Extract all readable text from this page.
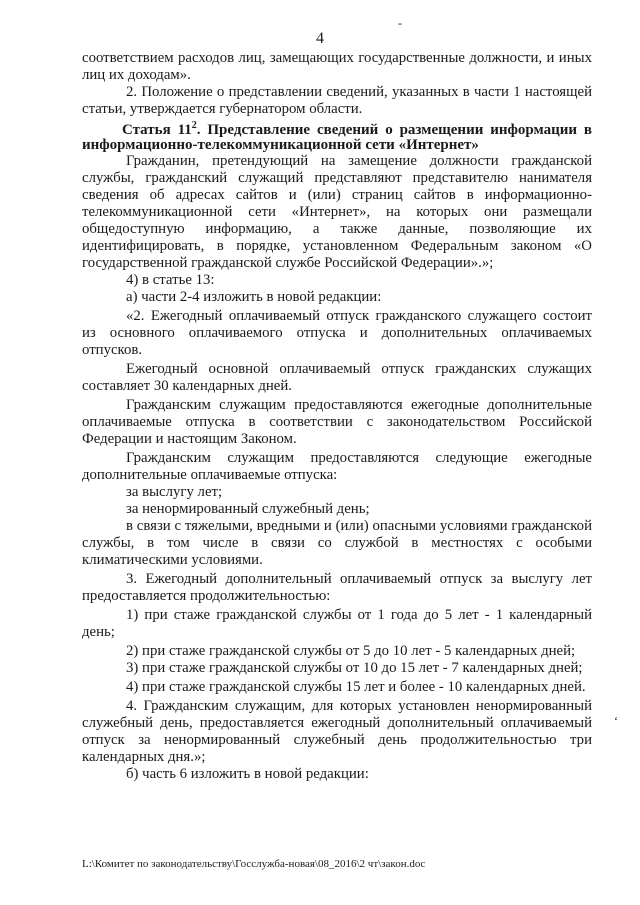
-
4

соответствием расходов лиц, замещающих государственные должности, и иных лиц их доходам».

2. Положение о представлении сведений, указанных в части 1 настоящей статьи, утверждается губернатором области.

Статья $11^2$. Представление сведений о размещении информации в информационно-телекоммуникационной сети «Интернет»

Гражданин, претендующий на замещение должности гражданской службы, гражданский служащий представляют представителю нанимателя сведения об адресах сайтов и (или) страниц сайтов в информационно-телекоммуникационной сети «Интернет», на которых они размещали общедоступную информацию, а также данные, позволяющие их идентифицировать, в порядке, установленном Федеральным законом «О государственной гражданской службе Российской Федерации».»;

4) в статье 13:

а) части 2-4 изложить в новой редакции:

«2. Ежегодный оплачиваемый отпуск гражданского служащего состоит из основного оплачиваемого отпуска и дополнительных оплачиваемых отпусков.

Ежегодный основной оплачиваемый отпуск гражданских служащих составляет 30 календарных дней.

Гражданским служащим предоставляются ежегодные дополнительные оплачиваемые отпуска в соответствии с законодательством Российской Федерации и настоящим Законом.

Гражданским служащим предоставляются следующие ежегодные дополнительные оплачиваемые отпуска:

за выслугу лет;

за ненормированный служебный день;

в связи с тяжелыми, вредными и (или) опасными условиями гражданской службы, в том числе в связи со службой в местностях с особыми климатическими условиями.

3. Ежегодный дополнительный оплачиваемый отпуск за выслугу лет предоставляется продолжительностью:

1) при стаже гражданской службы от 1 года до 5 лет - 1 календарный день;

2) при стаже гражданской службы от 5 до 10 лет - 5 календарных дней;

3) при стаже гражданской службы от 10 до 15 лет - 7 календарных дней;

4) при стаже гражданской службы 15 лет и более - 10 календарных дней.

4. Гражданским служащим, для которых установлен ненормированный служебный день, предоставляется ежегодный дополнительный оплачиваемый отпуск за ненормированный служебный день продолжительностью три календарных дня.»;

б) часть 6 изложить в новой редакции:

‘
L:\Комитет по законодательству\Госслужба-новая\08_2016\2 чт\закон.doc
